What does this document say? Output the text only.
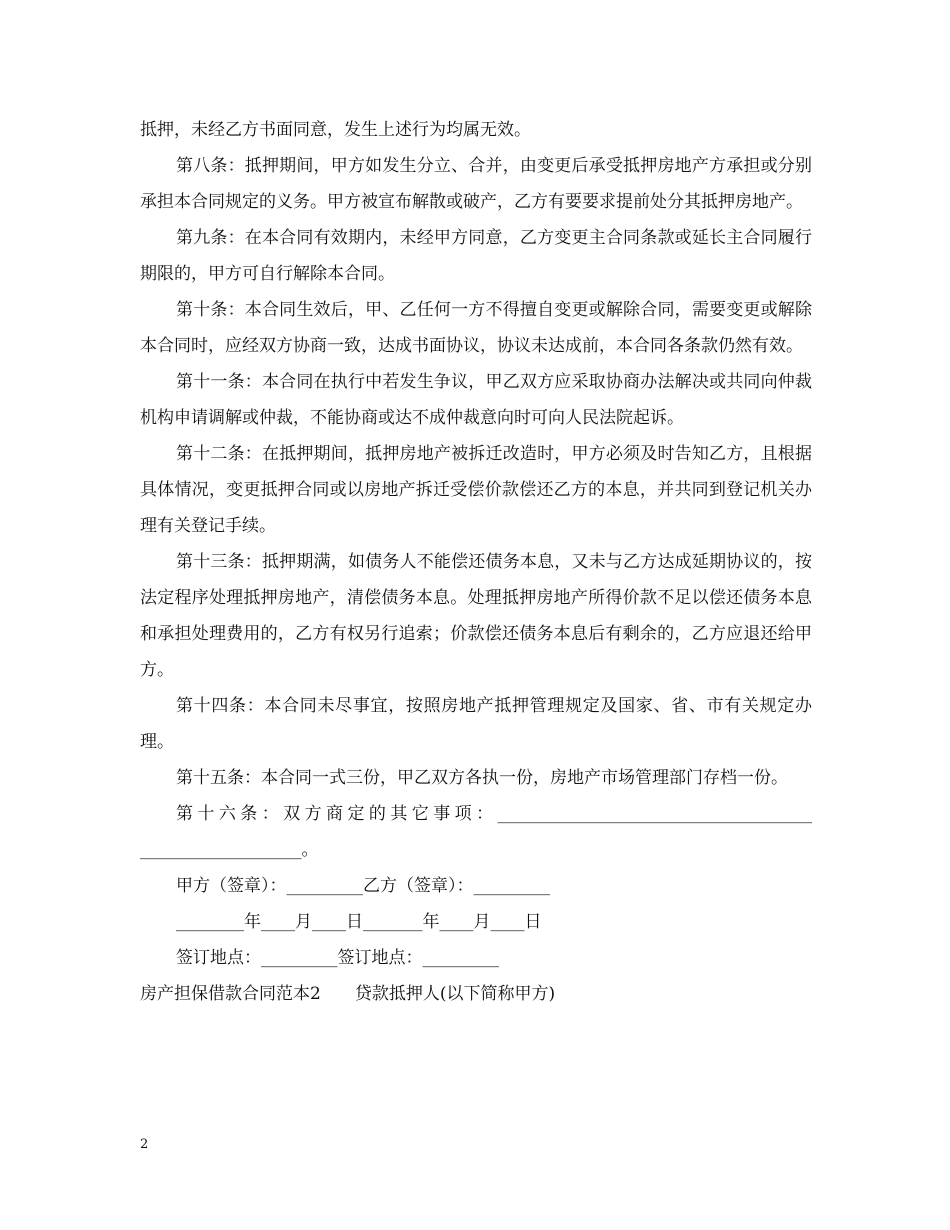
抵押，未经乙方书面同意，发生上述行为均属无效。

第八条：抵押期间，甲方如发生分立、合并，由变更后承受抵押房地产方承担或分别承担本合同规定的义务。甲方被宣布解散或破产，乙方有要要求提前处分其抵押房地产。

第九条：在本合同有效期内，未经甲方同意，乙方变更主合同条款或延长主合同履行期限的，甲方可自行解除本合同。

第十条：本合同生效后，甲、乙任何一方不得擅自变更或解除合同，需要变更或解除本合同时，应经双方协商一致，达成书面协议，协议未达成前，本合同各条款仍然有效。

第十一条：本合同在执行中若发生争议，甲乙双方应采取协商办法解决或共同向仲裁机构申请调解或仲裁，不能协商或达不成仲裁意向时可向人民法院起诉。

第十二条：在抵押期间，抵押房地产被拆迁改造时，甲方必须及时告知乙方，且根据具体情况，变更抵押合同或以房地产拆迁受偿价款偿还乙方的本息，并共同到登记机关办理有关登记手续。

第十三条：抵押期满，如债务人不能偿还债务本息，又未与乙方达成延期协议的，按法定程序处理抵押房地产，清偿债务本息。处理抵押房地产所得价款不足以偿还债务本息和承担处理费用的，乙方有权另行追索；价款偿还债务本息后有剩余的，乙方应退还给甲方。

第十四条：本合同未尽事宜，按照房地产抵押管理规定及国家、省、市有关规定办理。

第十五条：本合同一式三份，甲乙双方各执一份，房地产市场管理部门存档一份。

第十六条：双方商定的其它事项：_____________________________________ ___________________。

甲方（签章）：_________乙方（签章）：_________

________年____月____日_______年____月____日

签订地点：_________签订地点：_________

房产担保借款合同范本2　　贷款抵押人(以下简称甲方)

2
